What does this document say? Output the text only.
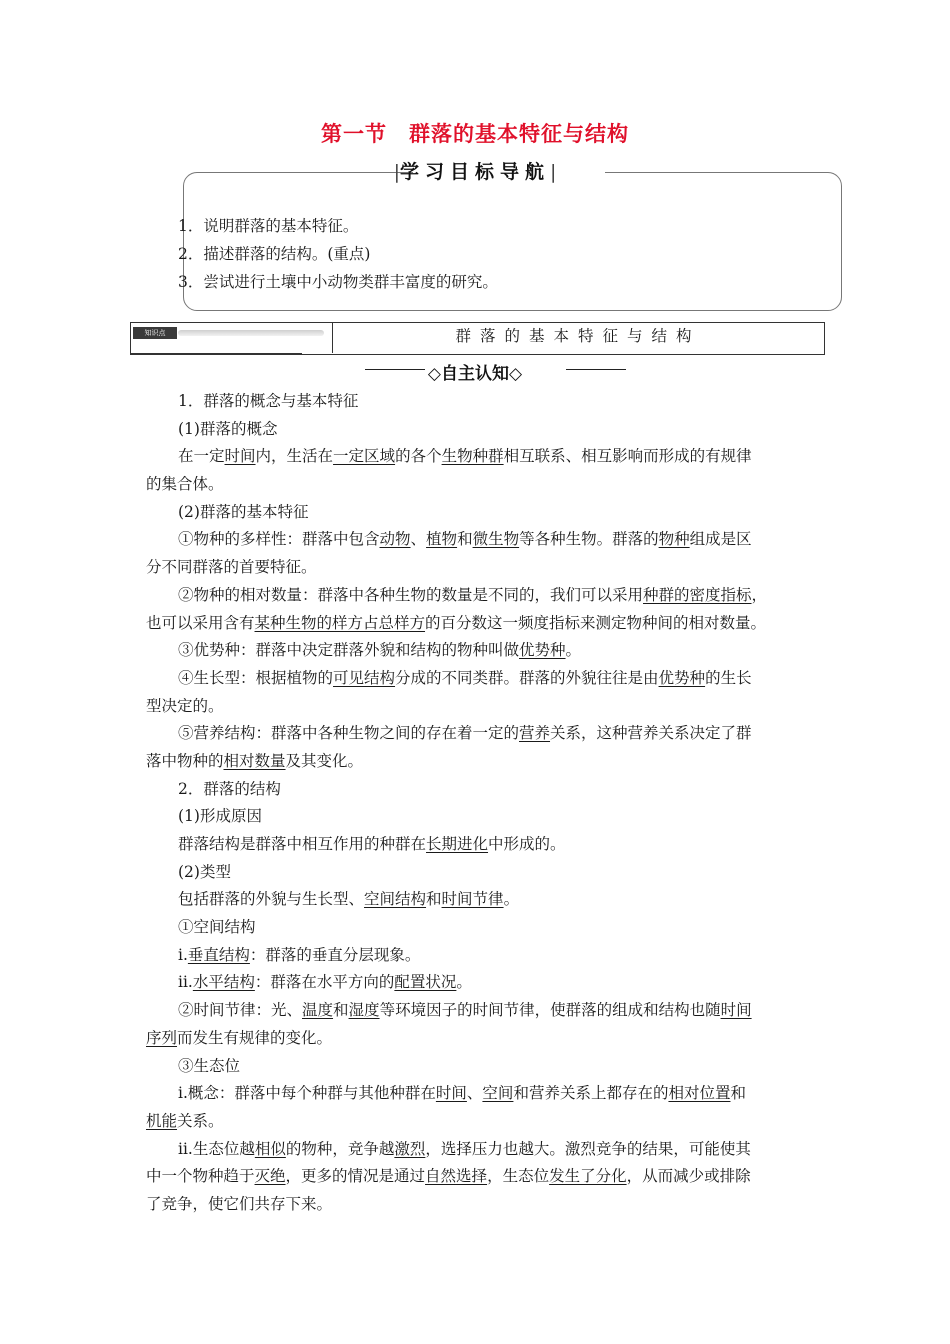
第一节　群落的基本特征与结构
|学习目标导航|
1．说明群落的基本特征。
2．描述群落的结构。(重点)
3．尝试进行土壤中小动物类群丰富度的研究。
知识点	群落的基本特征与结构
◇自主认知◇
1．群落的概念与基本特征
(1)群落的概念
在一定时间内，生活在一定区域的各个生物种群相互联系、相互影响而形成的有规律
的集合体。
(2)群落的基本特征
①物种的多样性：群落中包含动物、植物和微生物等各种生物。群落的物种组成是区
分不同群落的首要特征。
②物种的相对数量：群落中各种生物的数量是不同的，我们可以采用种群的密度指标，
也可以采用含有某种生物的样方占总样方的百分数这一频度指标来测定物种间的相对数量。
③优势种：群落中决定群落外貌和结构的物种叫做优势种。
④生长型：根据植物的可见结构分成的不同类群。群落的外貌往往是由优势种的生长
型决定的。
⑤营养结构：群落中各种生物之间的存在着一定的营养关系，这种营养关系决定了群
落中物种的相对数量及其变化。
2．群落的结构
(1)形成原因
群落结构是群落中相互作用的种群在长期进化中形成的。
(2)类型
包括群落的外貌与生长型、空间结构和时间节律。
①空间结构
ⅰ.垂直结构：群落的垂直分层现象。
ⅱ.水平结构：群落在水平方向的配置状况。
②时间节律：光、温度和湿度等环境因子的时间节律，使群落的组成和结构也随时间
序列而发生有规律的变化。
③生态位
ⅰ.概念：群落中每个种群与其他种群在时间、空间和营养关系上都存在的相对位置和
机能关系。
ⅱ.生态位越相似的物种，竞争越激烈，选择压力也越大。激烈竞争的结果，可能使其
中一个物种趋于灭绝，更多的情况是通过自然选择，生态位发生了分化，从而减少或排除
了竞争，使它们共存下来。
